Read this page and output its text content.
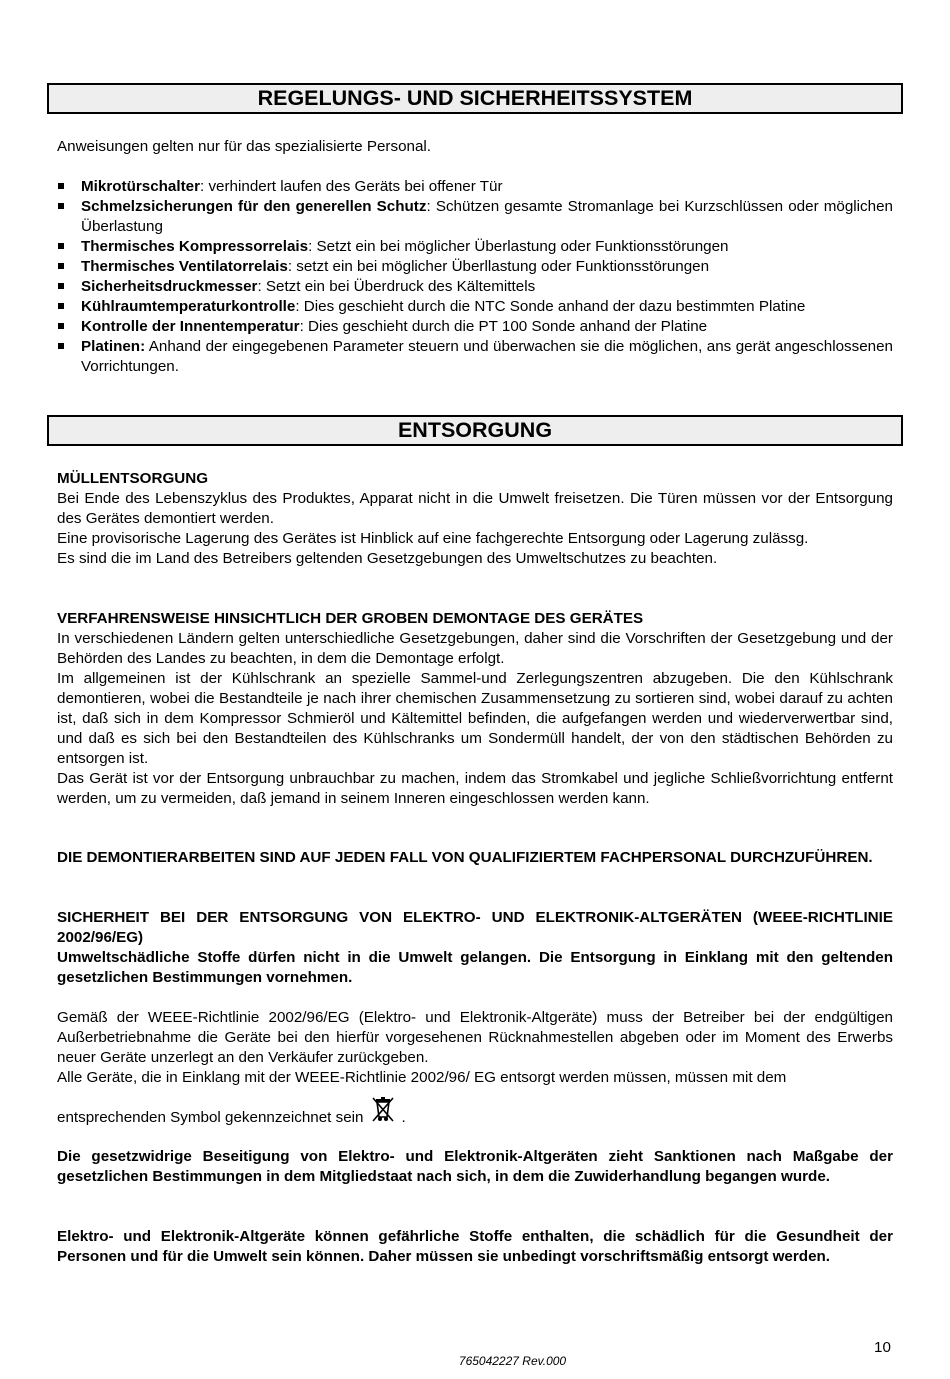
REGELUNGS- UND SICHERHEITSSYSTEM
Anweisungen gelten nur für das spezialisierte Personal.
Mikrotürschalter: verhindert laufen des Geräts bei offener Tür
Schmelzsicherungen für den generellen Schutz: Schützen gesamte Stromanlage bei Kurzschlüssen oder möglichen Überlastung
Thermisches Kompressorrelais: Setzt ein bei möglicher Überlastung oder Funktionsstörungen
Thermisches Ventilatorrelais: setzt ein bei möglicher Überllastung oder Funktionsstörungen
Sicherheitsdruckmesser: Setzt ein bei Überdruck des Kältemittels
Kühlraumtemperaturkontrolle: Dies geschieht durch die NTC Sonde anhand der dazu bestimmten Platine
Kontrolle der Innentemperatur: Dies geschieht durch die PT 100 Sonde anhand der Platine
Platinen: Anhand der eingegebenen Parameter steuern und überwachen sie die möglichen, ans gerät angeschlossenen Vorrichtungen.
ENTSORGUNG

MÜLLENTSORGUNG

Bei Ende des Lebenszyklus des Produktes, Apparat nicht in die Umwelt freisetzen. Die Türen müssen vor der Entsorgung des Gerätes demontiert werden.

Eine provisorische Lagerung des Gerätes ist Hinblick auf eine fachgerechte Entsorgung oder Lagerung zulässg.

Es sind die im Land des Betreibers geltenden Gesetzgebungen des Umweltschutzes zu beachten.

VERFAHRENSWEISE HINSICHTLICH DER GROBEN DEMONTAGE DES GERÄTES

In verschiedenen Ländern gelten unterschiedliche Gesetzgebungen, daher sind die Vorschriften der Gesetzgebung und der Behörden des Landes zu beachten, in dem die Demontage erfolgt.

Im allgemeinen ist der Kühlschrank an spezielle Sammel-und Zerlegungszentren abzugeben. Die den Kühlschrank demontieren, wobei die Bestandteile je nach ihrer chemischen Zusammensetzung zu sortieren sind, wobei darauf zu achten ist, daß sich in dem Kompressor Schmieröl und Kältemittel befinden, die aufgefangen werden und wiederverwertbar sind, und daß es sich bei den Bestandteilen des Kühlschranks um Sondermüll handelt, der von den städtischen Behörden zu entsorgen ist.

Das Gerät ist vor der Entsorgung unbrauchbar zu machen, indem das Stromkabel und jegliche Schließvorrichtung entfernt werden, um zu vermeiden, daß jemand in seinem Inneren eingeschlossen werden kann.

DIE DEMONTIERARBEITEN SIND AUF JEDEN FALL VON QUALIFIZIERTEM FACHPERSONAL DURCHZUFÜHREN.

SICHERHEIT BEI DER ENTSORGUNG VON ELEKTRO- UND ELEKTRONIK-ALTGERÄTEN (WEEE-RICHTLINIE 2002/96/EG)

Umweltschädliche Stoffe dürfen nicht in die Umwelt gelangen. Die Entsorgung in Einklang mit den geltenden gesetzlichen Bestimmungen vornehmen.

Gemäß der WEEE-Richtlinie 2002/96/EG (Elektro- und Elektronik-Altgeräte) muss der Betreiber bei der endgültigen Außerbetriebnahme die Geräte bei den hierfür vorgesehenen Rücknahmestellen abgeben oder im Moment des Erwerbs neuer Geräte unzerlegt an den Verkäufer zurückgeben.

Alle Geräte, die in Einklang mit der WEEE-Richtlinie 2002/96/ EG entsorgt werden müssen, müssen mit dem

entsprechenden Symbol gekennzeichnet sein	.

Die gesetzwidrige Beseitigung von Elektro- und Elektronik-Altgeräten zieht Sanktionen nach Maßgabe der gesetzlichen Bestimmungen in dem Mitgliedstaat nach sich, in dem die Zuwiderhandlung begangen wurde.

Elektro- und Elektronik-Altgeräte können gefährliche Stoffe enthalten, die schädlich für die Gesundheit der Personen und für die Umwelt sein können. Daher müssen sie unbedingt vorschriftsmäßig entsorgt werden.

10
765042227 Rev.000
